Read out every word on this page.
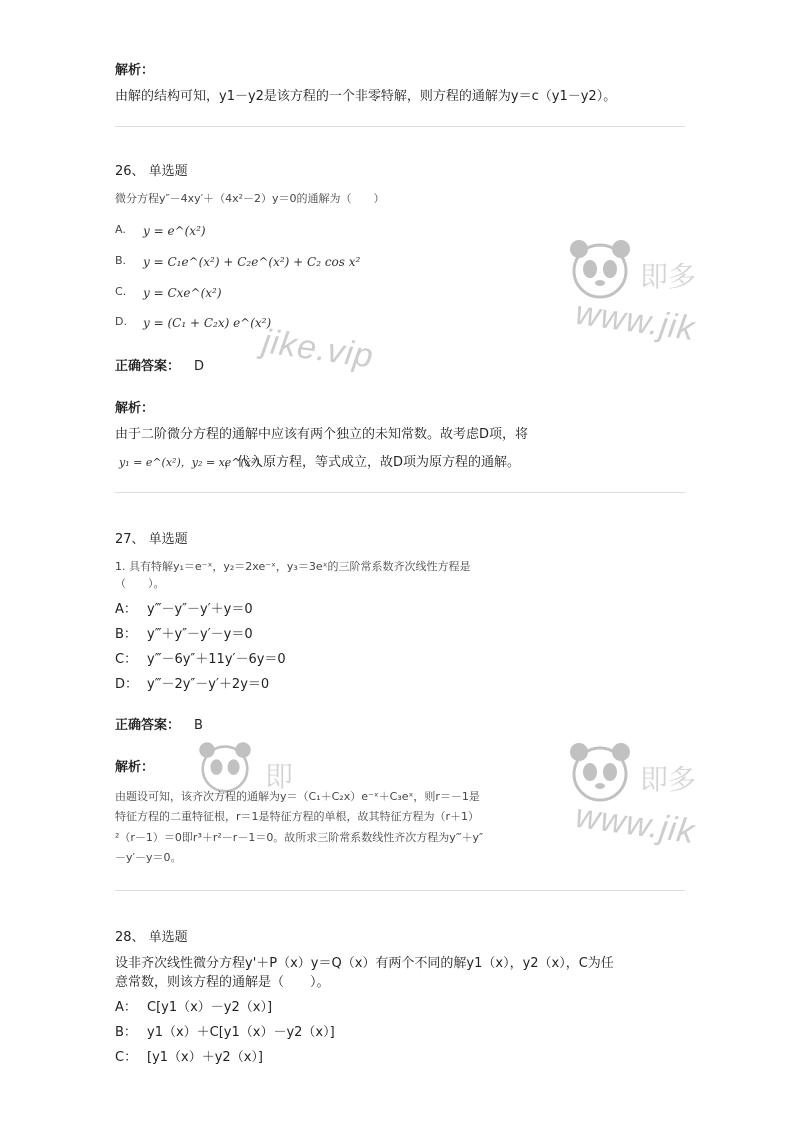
即多
www.jik
jike.vip
即	即多
www.jik
解析：
由解的结构可知，y1－y2是该方程的一个非零特解，则方程的通解为y＝c（y1－y2）。
26、 单选题
微分方程y″－4xy′＋（4x²－2）y＝0的通解为（　　）
A. y = e^(x²)
B. y = C₁e^(x²) + C₂e^(x²) + C₂ cos x²
C. y = Cxe^(x²)
D. y = (C₁ + C₂x) e^(x²)
正确答案： D
解析：
由于二阶微分方程的通解中应该有两个独立的未知常数。故考虑D项，将
y₁ = e^(x²)，y₂ = xe^(x²)
，代入原方程，等式成立，故D项为原方程的通解。
27、 单选题
1. 具有特解y₁＝e⁻ˣ，y₂＝2xe⁻ˣ，y₃＝3eˣ的三阶常系数齐次线性方程是
（　　）。
A： y‴－y″－y′＋y＝0
B： y‴＋y″－y′－y＝0
C： y‴－6y″＋11y′－6y＝0
D： y‴－2y″－y′＋2y＝0
正确答案： B
解析：
由题设可知，该齐次方程的通解为y＝（C₁＋C₂x）e⁻ˣ＋C₃eˣ，则r＝－1是
特征方程的二重特征根，r＝1是特征方程的单根，故其特征方程为（r＋1）
²（r－1）＝0即r³＋r²－r－1＝0。故所求三阶常系数线性齐次方程为y‴＋y″
－y′－y＝0。
28、 单选题
设非齐次线性微分方程y'＋P（x）y＝Q（x）有两个不同的解y1（x），y2（x），C为任
意常数，则该方程的通解是（　　）。
A： C[y1（x）－y2（x）]
B： y1（x）＋C[y1（x）－y2（x）]
C： [y1（x）＋y2（x）]
